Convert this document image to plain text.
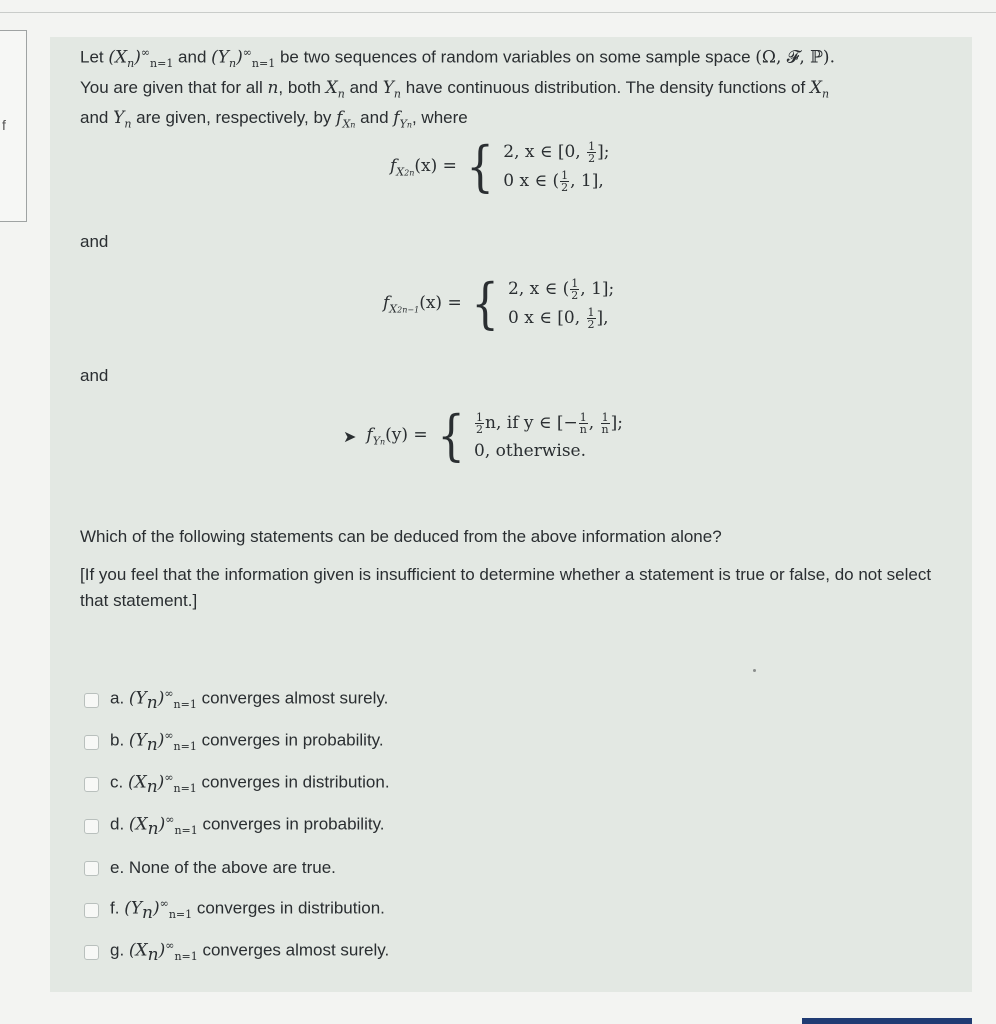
f
Let $(X_n)^\infty_{n=1}$ and $(Y_n)^\infty_{n=1}$ be two sequences of random variables on some sample space (Ω, 𝓕, ℙ).
You are given that for all n, both $X_n$ and $Y_n$ have continuous distribution. The density functions of $X_n$
and $Y_n$ are given, respectively, by $f_{Xn}$ and $f_{Yn}$, where
$f_{X2n}(x)$ = { 2, x ∈ [0, $\frac{1}{2}$ ];
0 x ∈ ( $\frac{1}{2}$ , 1],
and
$f_{X2n-1}(x)$ = { 2, x ∈ ( $\frac{1}{2}$ , 1];
0 x ∈ [0, $\frac{1}{2}$ ],
and
➤ $f_{Yn}(y)$ = { $\frac{1}{2} n$, if y ∈ [− $\frac{1}{n}$ , $\frac{1}{n}$ ];
0, otherwise.
Which of the following statements can be deduced from the above information alone?
[If you feel that the information given is insufficient to determine whether a statement is true or false, do not select that statement.]
a. $(Y_n)^\infty_{n=1}$ converges almost surely.
b. $(Y_n)^\infty_{n=1}$ converges in probability.
c. $(X_n)^\infty_{n=1}$ converges in distribution.
d. $(X_n)^\infty_{n=1}$ converges in probability.
e. None of the above are true.
f. $(Y_n)^\infty_{n=1}$ converges in distribution.
g. $(X_n)^\infty_{n=1}$ converges almost surely.
